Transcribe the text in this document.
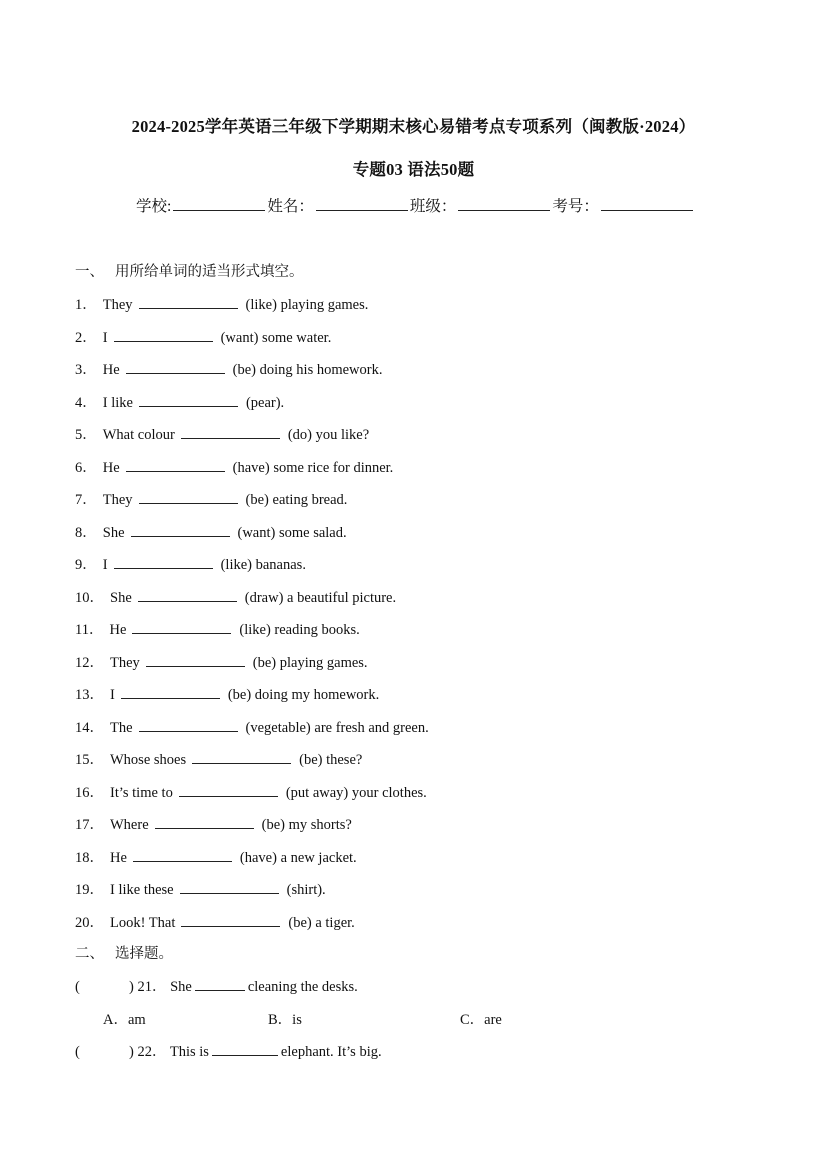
2024-2025学年英语三年级下学期期末核心易错考点专项系列（闽教版·2024）
专题03 语法50题
学校:	姓名：	班级：	考号：
一、 用所给单词的适当形式填空。
1． They	(like) playing games.
2． I	(want) some water.
3． He	(be) doing his homework.
4． I like	(pear).
5． What colour	(do) you like?
6． He	(have) some rice for dinner.
7． They	(be) eating bread.
8． She	(want) some salad.
9． I	(like) bananas.
10． She	(draw) a beautiful picture.
11． He	(like) reading books.
12． They	(be) playing games.
13． I	(be) doing my homework.
14． The	(vegetable) are fresh and green.
15． Whose shoes	(be) these?
16． It’s time to	(put away) your clothes.
17． Where	(be) my shorts?
18． He	(have) a new jacket.
19． I like these	(shirt).
20． Look! That	(be) a tiger.
二、 选择题。
(	) 21． She	cleaning the desks.
A．am	B．is	C．are
(	) 22． This is	elephant. It’s big.
